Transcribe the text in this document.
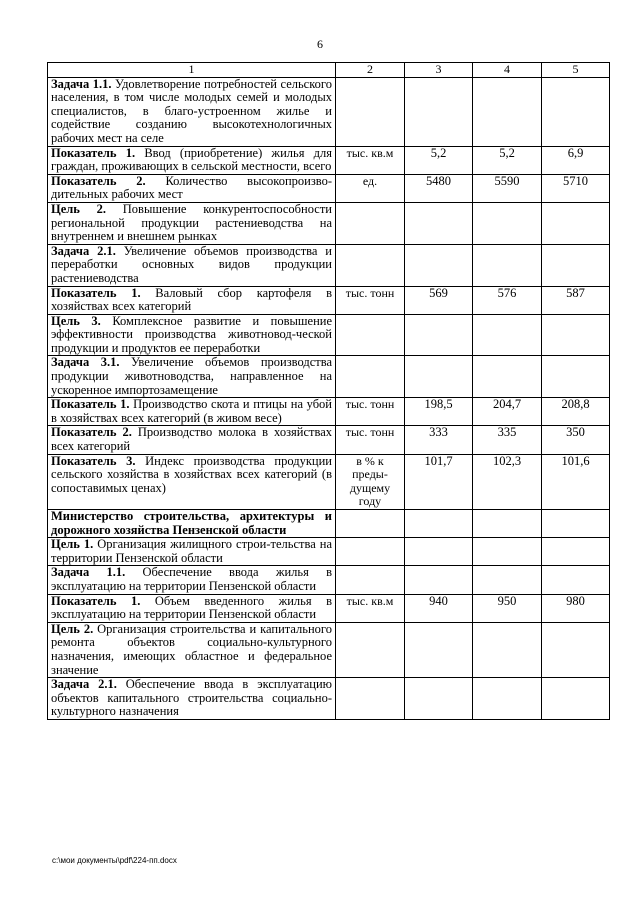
6
1	2	3	4	5
Задача 1.1. Удовлетворение потребностей сельского населения, в том числе молодых семей и молодых специалистов, в благо-устроенном жилье и содействие созданию высокотехнологичных рабочих мест на селе				
Показатель 1. Ввод (приобретение) жилья для граждан, проживающих в сельской местности, всего	тыс. кв.м	5,2	5,2	6,9
Показатель 2. Количество высокопроизво-дительных рабочих мест	ед.	5480	5590	5710
Цель 2. Повышение конкурентоспособности региональной продукции растениеводства на внутреннем и внешнем рынках				
Задача 2.1. Увеличение объемов производства и переработки основных видов продукции растениеводства				
Показатель 1. Валовый сбор картофеля в хозяйствах всех категорий	тыс. тонн	569	576	587
Цель 3. Комплексное развитие и повышение эффективности производства животновод-ческой продукции и продуктов ее переработки				
Задача 3.1. Увеличение объемов производства продукции животноводства, направленное на ускоренное импортозамещение				
Показатель 1. Производство скота и птицы на убой в хозяйствах всех категорий (в живом весе)	тыс. тонн	198,5	204,7	208,8
Показатель 2. Производство молока в хозяйствах всех категорий	тыс. тонн	333	335	350
Показатель 3. Индекс производства продукции сельского хозяйства в хозяйствах всех категорий (в сопоставимых ценах)	в % к преды-дущему году	101,7	102,3	101,6
Министерство строительства, архитектуры и дорожного хозяйства Пензенской области				
Цель 1. Организация жилищного строи-тельства на территории Пензенской области				
Задача 1.1. Обеспечение ввода жилья в эксплуатацию на территории Пензенской области				
Показатель 1. Объем введенного жилья в эксплуатацию на территории Пензенской области	тыс. кв.м	940	950	980
Цель 2. Организация строительства и капитального ремонта объектов социально-культурного назначения, имеющих областное и федеральное значение				
Задача 2.1. Обеспечение ввода в эксплуатацию объектов капитального строительства социально-культурного назначения				
c:\мои документы\pdf\224-пп.docx
